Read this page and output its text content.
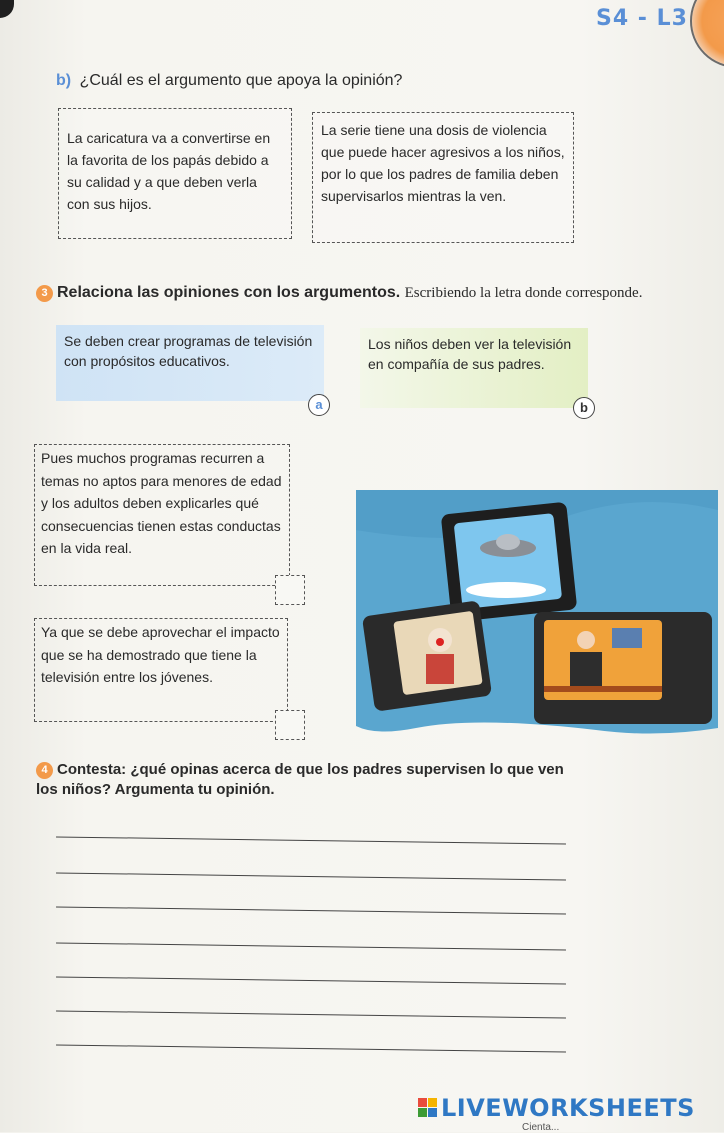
S4 - L3
b) ¿Cuál es el argumento que apoya la opinión?
La caricatura va a convertirse en la favorita de los papás debido a su calidad y a que deben verla con sus hijos.
La serie tiene una dosis de violencia que puede hacer agresivos a los niños, por lo que los padres de familia deben supervisarlos mientras la ven.
3 Relaciona las opiniones con los argumentos. Escribiendo la letra donde corresponde.
Se deben crear programas de televisión con propósitos educativos.
a
Los niños deben ver la televisión en compañía de sus padres.
b
Pues muchos programas recurren a temas no aptos para menores de edad y los adultos deben explicarles qué consecuencias tienen estas conductas en la vida real.
Ya que se debe aprovechar el impacto que se ha demostrado que tiene la televisión entre los jóvenes.
4 Contesta: ¿qué opinas acerca de que los padres supervisen lo que ven los niños? Argumenta tu opinión.
LIVEWORKSHEETS
Cienta...
